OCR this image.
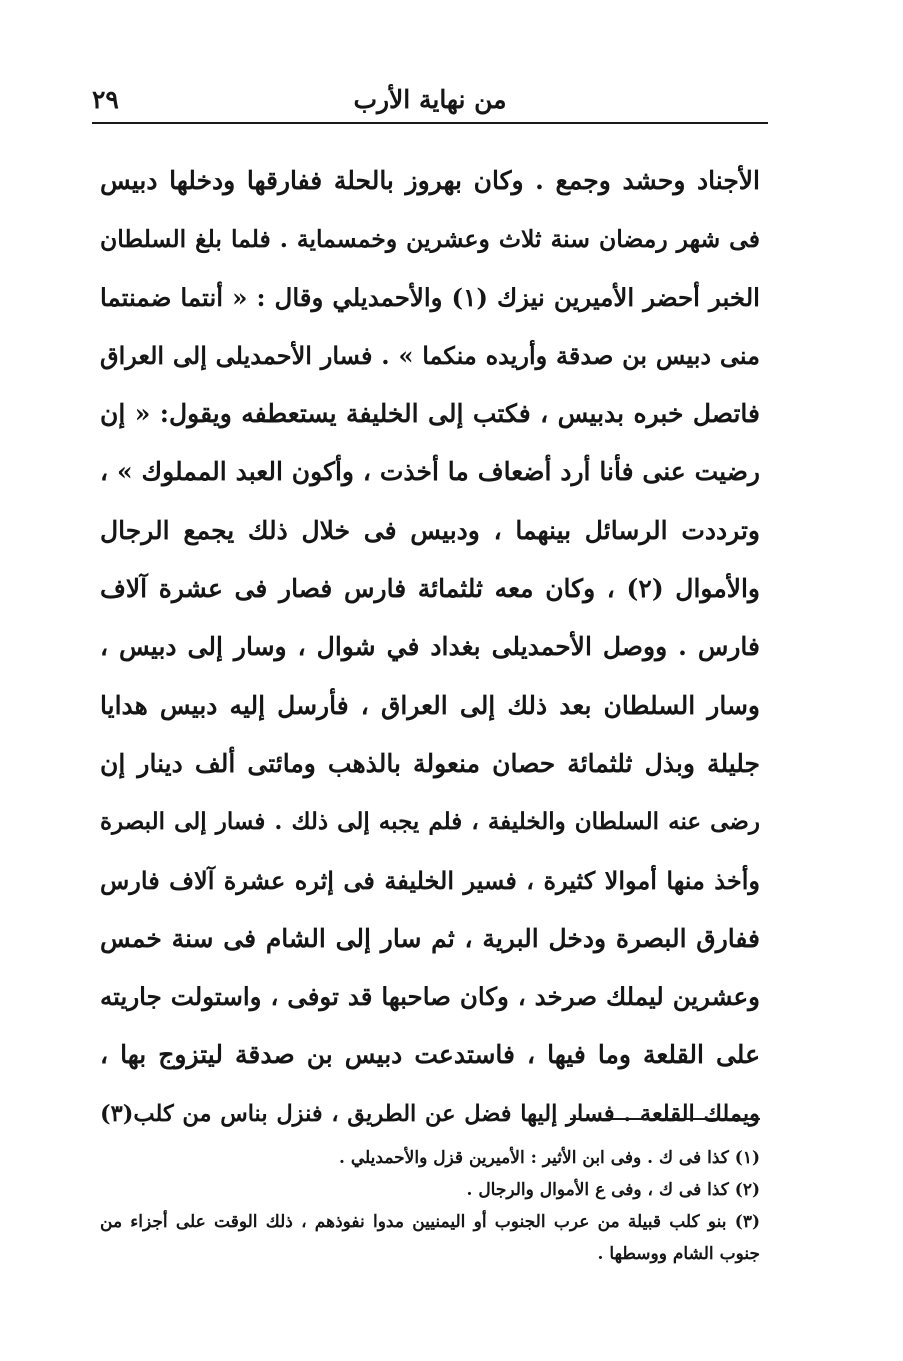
من نهاية الأرب
٢٩
الأجناد وحشد وجمع . وكان بهروز بالحلة ففارقها ودخلها دبيس
فى شهر رمضان سنة ثلاث وعشرين وخمسماية . فلما بلغ السلطان
الخبر أحضر الأميرين نيزك (١) والأحمديلي وقال : « أنتما ضمنتما
منى دبيس بن صدقة وأريده منكما » . فسار الأحمديلى إلى العراق
فاتصل خبره بدبيس ، فكتب إلى الخليفة يستعطفه ويقول: « إن
رضيت عنى فأنا أرد أضعاف ما أخذت ، وأكون العبد المملوك » ،
وترددت الرسائل بينهما ، ودبيس فى خلال ذلك يجمع الرجال
والأموال (٢) ، وكان معه ثلثمائة فارس فصار فى عشرة آلاف
فارس . ووصل الأحمديلى بغداد في شوال ، وسار إلى دبيس ،
وسار السلطان بعد ذلك إلى العراق ، فأرسل إليه دبيس هدايا
جليلة وبذل ثلثمائة حصان منعولة بالذهب ومائتى ألف دينار إن
رضى عنه السلطان والخليفة ، فلم يجبه إلى ذلك . فسار إلى البصرة
وأخذ منها أموالا كثيرة ، فسير الخليفة فى إثره عشرة آلاف فارس
ففارق البصرة ودخل البرية ، ثم سار إلى الشام فى سنة خمس
وعشرين ليملك صرخد ، وكان صاحبها قد توفى ، واستولت جاريته
على القلعة وما فيها ، فاستدعت دبيس بن صدقة ليتزوج بها ،
ويملك القلعة . فسار إليها فضل عن الطريق ، فنزل بناس من كلب(٣)
(١) كذا فى ك . وفى ابن الأثير : الأميرين قزل والأحمديلي .
(٢) كذا فى ك ، وفى ع الأموال والرجال .
(٣) بنو كلب قبيلة من عرب الجنوب أو اليمنيين مدوا نفوذهم ، ذلك الوقت على أجزاء من جنوب الشام ووسطها .
